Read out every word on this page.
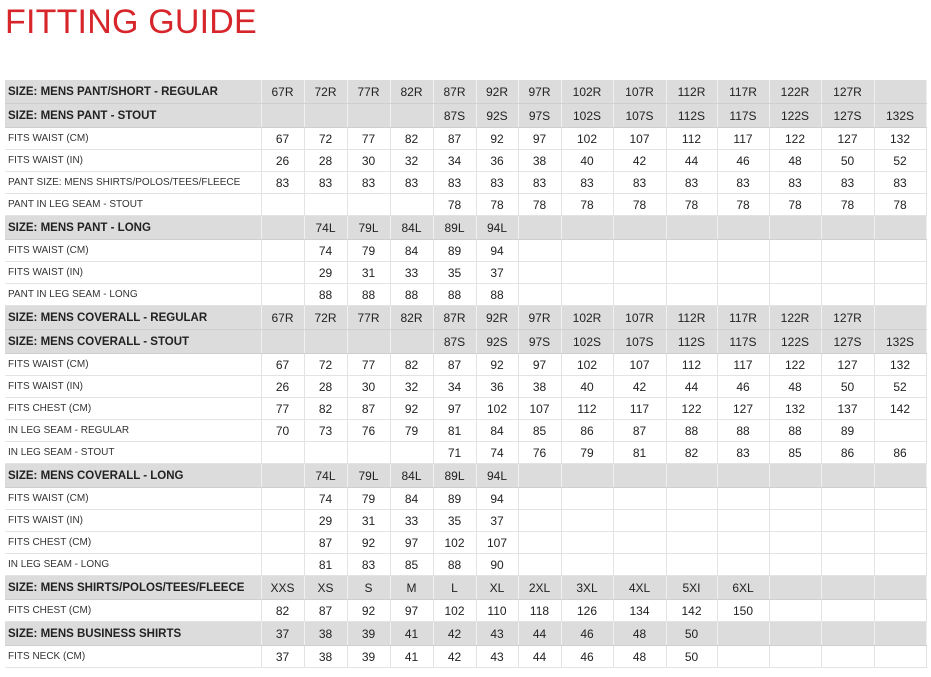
FITTING GUIDE
SIZE: MENS PANT/SHORT - REGULAR	67R	72R	77R	82R	87R	92R	97R	102R	107R	112R	117R	122R	127R	
SIZE: MENS PANT - STOUT					87S	92S	97S	102S	107S	112S	117S	122S	127S	132S
FITS WAIST (CM)	67	72	77	82	87	92	97	102	107	112	117	122	127	132
FITS WAIST (IN)	26	28	30	32	34	36	38	40	42	44	46	48	50	52
PANT SIZE: MENS SHIRTS/POLOS/TEES/FLEECE	83	83	83	83	83	83	83	83	83	83	83	83	83	83
PANT IN LEG SEAM - STOUT					78	78	78	78	78	78	78	78	78	78
SIZE: MENS PANT - LONG		74L	79L	84L	89L	94L								
FITS WAIST (CM)		74	79	84	89	94								
FITS WAIST (IN)		29	31	33	35	37								
PANT IN LEG SEAM - LONG		88	88	88	88	88								
SIZE: MENS COVERALL - REGULAR	67R	72R	77R	82R	87R	92R	97R	102R	107R	112R	117R	122R	127R	
SIZE: MENS COVERALL - STOUT					87S	92S	97S	102S	107S	112S	117S	122S	127S	132S
FITS WAIST (CM)	67	72	77	82	87	92	97	102	107	112	117	122	127	132
FITS WAIST (IN)	26	28	30	32	34	36	38	40	42	44	46	48	50	52
FITS CHEST (CM)	77	82	87	92	97	102	107	112	117	122	127	132	137	142
IN LEG SEAM - REGULAR	70	73	76	79	81	84	85	86	87	88	88	88	89	
IN LEG SEAM - STOUT					71	74	76	79	81	82	83	85	86	86
SIZE: MENS COVERALL - LONG		74L	79L	84L	89L	94L								
FITS WAIST (CM)		74	79	84	89	94								
FITS WAIST (IN)		29	31	33	35	37								
FITS CHEST (CM)		87	92	97	102	107								
IN LEG SEAM - LONG		81	83	85	88	90								
SIZE: MENS SHIRTS/POLOS/TEES/FLEECE	XXS	XS	S	M	L	XL	2XL	3XL	4XL	5XI	6XL			
FITS CHEST (CM)	82	87	92	97	102	110	118	126	134	142	150			
SIZE: MENS BUSINESS SHIRTS	37	38	39	41	42	43	44	46	48	50				
FITS NECK (CM)	37	38	39	41	42	43	44	46	48	50				
